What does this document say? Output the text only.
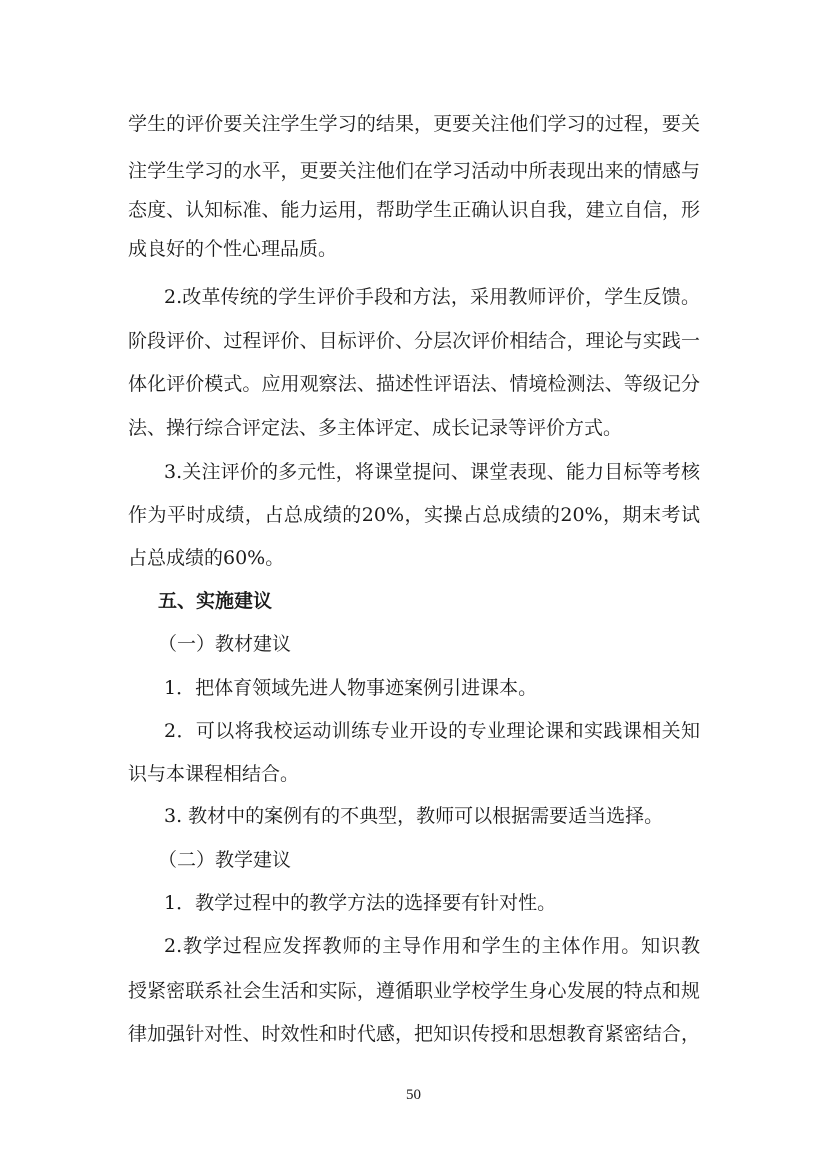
学生的评价要关注学生学习的结果，更要关注他们学习的过程，要关
注学生学习的水平，更要关注他们在学习活动中所表现出来的情感与
态度、认知标准、能力运用，帮助学生正确认识自我，建立自信，形
成良好的个性心理品质。
2.改革传统的学生评价手段和方法，采用教师评价，学生反馈。
阶段评价、过程评价、目标评价、分层次评价相结合，理论与实践一
体化评价模式。应用观察法、描述性评语法、情境检测法、等级记分
法、操行综合评定法、多主体评定、成长记录等评价方式。
3.关注评价的多元性，将课堂提问、课堂表现、能力目标等考核
作为平时成绩，占总成绩的20%，实操占总成绩的20%，期末考试
占总成绩的60%。
五、实施建议
（一）教材建议
1．把体育领域先进人物事迹案例引进课本。
2．可以将我校运动训练专业开设的专业理论课和实践课相关知
识与本课程相结合。
3. 教材中的案例有的不典型，教师可以根据需要适当选择。
（二）教学建议
1．教学过程中的教学方法的选择要有针对性。
2.教学过程应发挥教师的主导作用和学生的主体作用。知识教
授紧密联系社会生活和实际，遵循职业学校学生身心发展的特点和规
律加强针对性、时效性和时代感，把知识传授和思想教育紧密结合，
50
